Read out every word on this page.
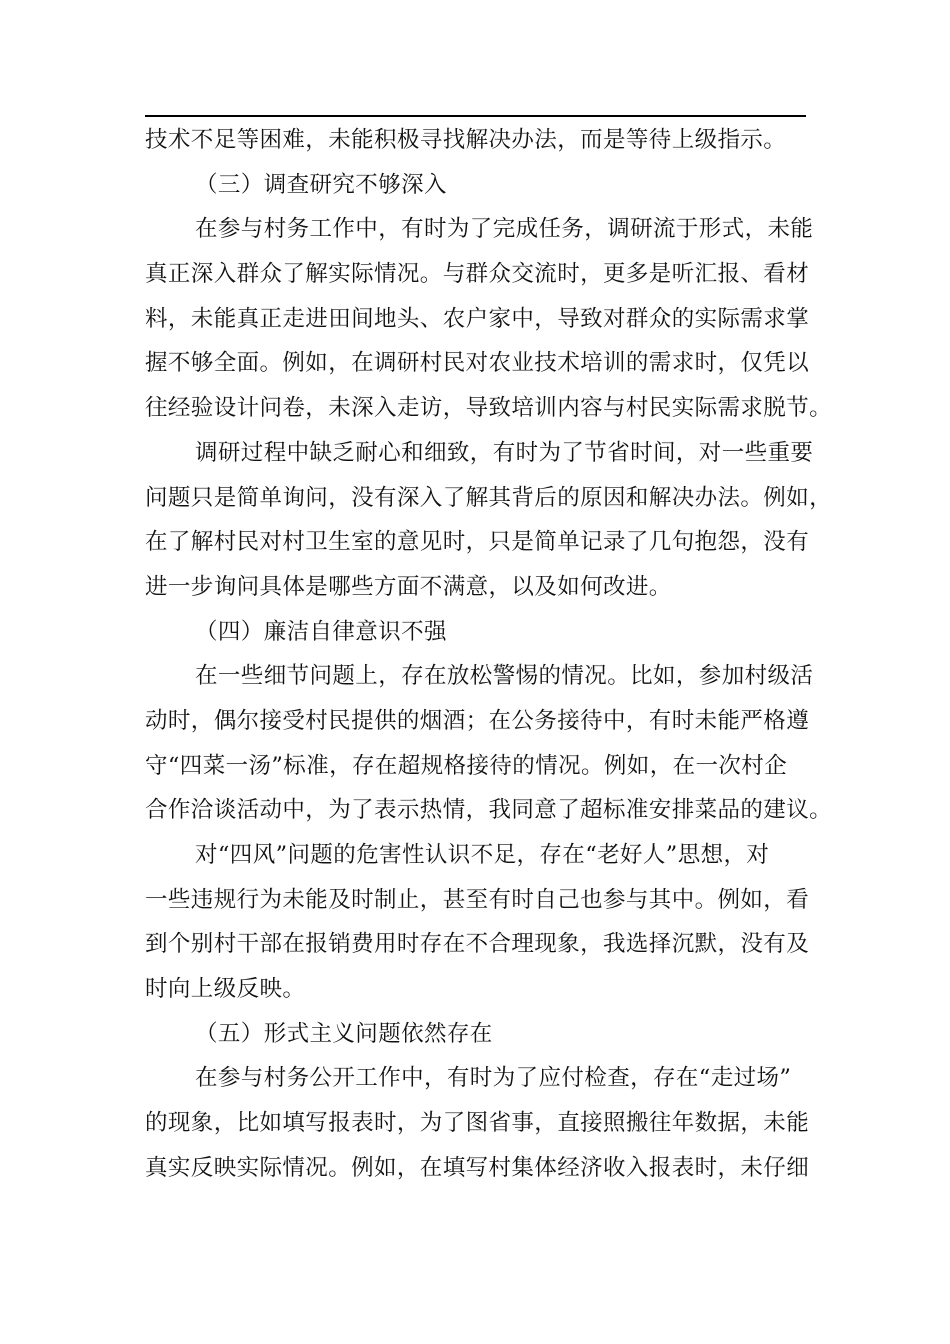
技术不足等困难，未能积极寻找解决办法，而是等待上级指示。
（三）调查研究不够深入
在参与村务工作中，有时为了完成任务，调研流于形式，未能
真正深入群众了解实际情况。与群众交流时，更多是听汇报、看材
料，未能真正走进田间地头、农户家中，导致对群众的实际需求掌
握不够全面。例如，在调研村民对农业技术培训的需求时，仅凭以
往经验设计问卷，未深入走访，导致培训内容与村民实际需求脱节。
调研过程中缺乏耐心和细致，有时为了节省时间，对一些重要
问题只是简单询问，没有深入了解其背后的原因和解决办法。例如，
在了解村民对村卫生室的意见时，只是简单记录了几句抱怨，没有
进一步询问具体是哪些方面不满意，以及如何改进。
（四）廉洁自律意识不强
在一些细节问题上，存在放松警惕的情况。比如，参加村级活
动时，偶尔接受村民提供的烟酒；在公务接待中，有时未能严格遵
守“四菜一汤”标准，存在超规格接待的情况。例如，在一次村企
合作洽谈活动中，为了表示热情，我同意了超标准安排菜品的建议。
对“四风”问题的危害性认识不足，存在“老好人”思想，对
一些违规行为未能及时制止，甚至有时自己也参与其中。例如，看
到个别村干部在报销费用时存在不合理现象，我选择沉默，没有及
时向上级反映。
（五）形式主义问题依然存在
在参与村务公开工作中，有时为了应付检查，存在“走过场”
的现象，比如填写报表时，为了图省事，直接照搬往年数据，未能
真实反映实际情况。例如，在填写村集体经济收入报表时，未仔细
